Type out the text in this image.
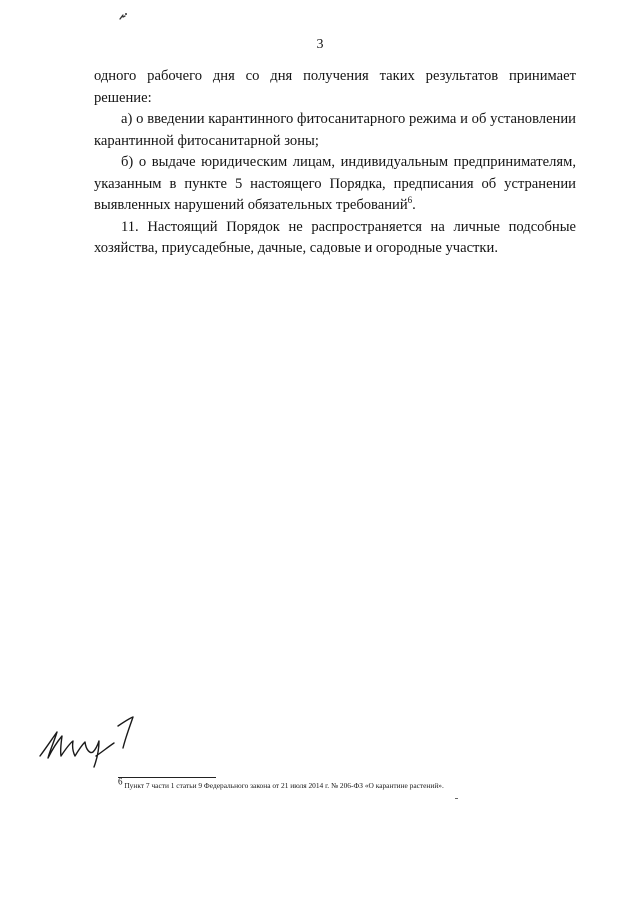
3

одного рабочего дня со дня получения таких результатов принимает решение:

а) о введении карантинного фитосанитарного режима и об установлении карантинной фитосанитарной зоны;

б) о выдаче юридическим лицам, индивидуальным предпринимателям, указанным в пункте 5 настоящего Порядка, предписания об устранении выявленных нарушений обязательных требований$^6$.

11. Настоящий Порядок не распространяется на личные подсобные хозяйства, приусадебные, дачные, садовые и огородные участки.

$^6$ Пункт 7 части 1 статьи 9 Федерального закона от 21 июля 2014 г. № 206-ФЗ «О карантине растений».
